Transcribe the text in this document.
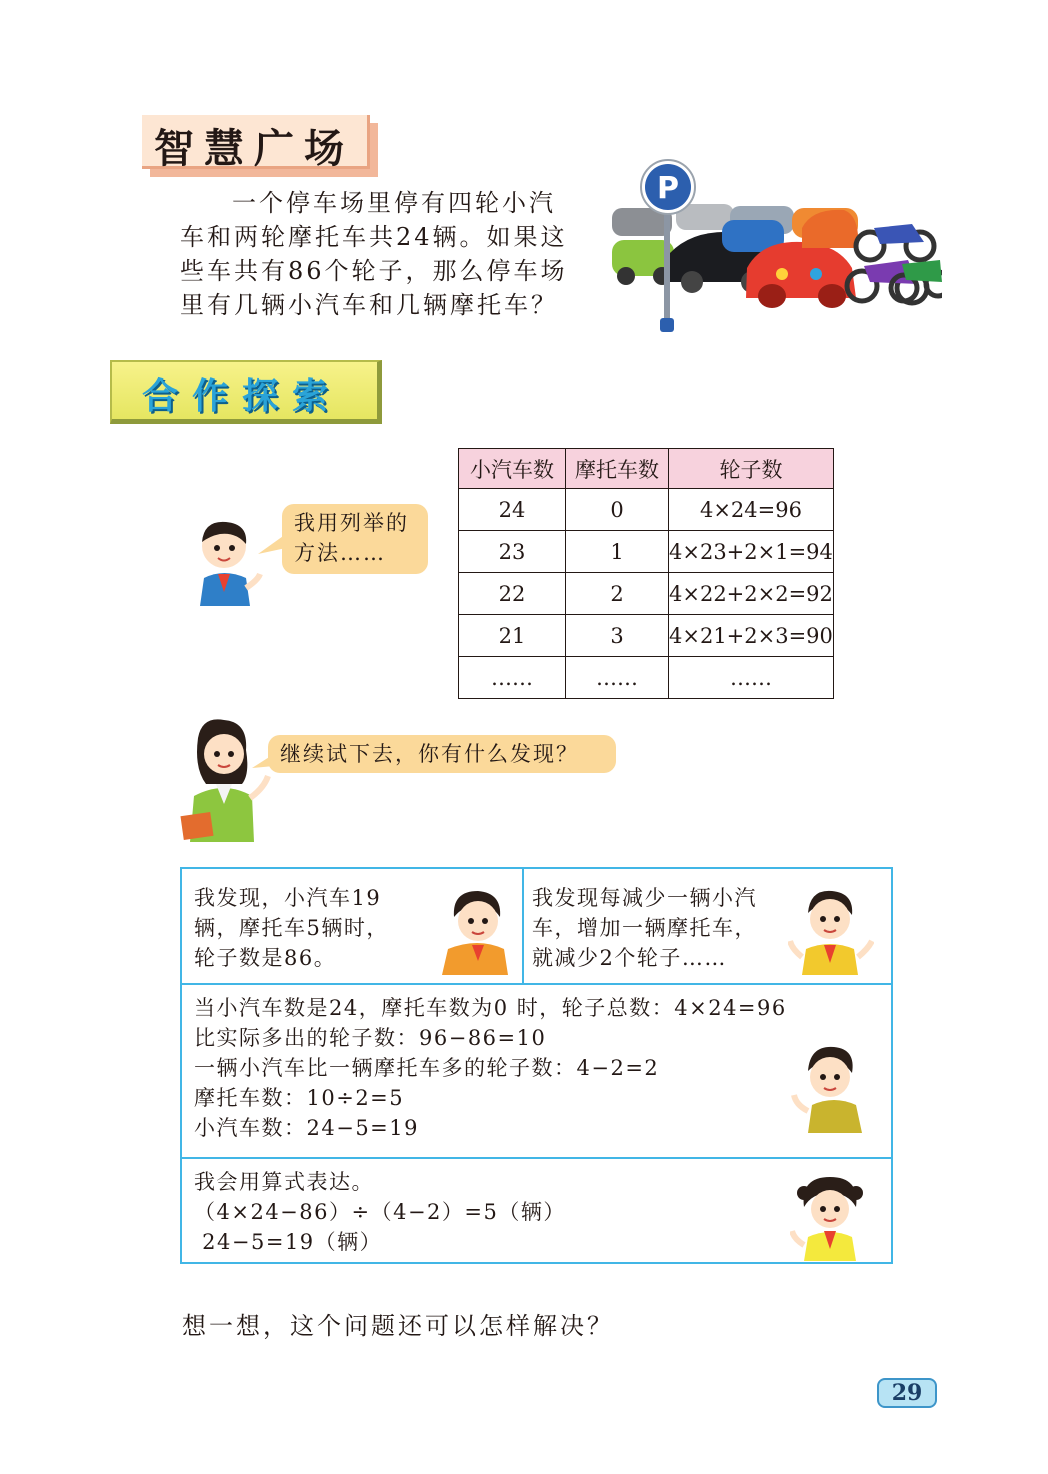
智慧广场
一个停车场里停有四轮小汽
车和两轮摩托车共24辆。如果这
些车共有86个轮子，那么停车场
里有几辆小汽车和几辆摩托车？
P
合作探索
我用列举的
方法……
小汽车数	摩托车数	轮子数
24	0	4×24=96
23	1	4×23+2×1=94
22	2	4×22+2×2=92
21	3	4×21+2×3=90
……	……	……
继续试下去，你有什么发现？
我发现，小汽车19
辆，摩托车5辆时，
轮子数是86。
我发现每减少一辆小汽
车，增加一辆摩托车，
就减少2个轮子……
当小汽车数是24，摩托车数为0 时，轮子总数：4×24=96
比实际多出的轮子数：96−86=10
一辆小汽车比一辆摩托车多的轮子数：4−2=2
摩托车数：10÷2=5
小汽车数：24−5=19
我会用算式表达。
（4×24−86）÷（4−2）=5（辆）
24−5=19（辆）
想一想，这个问题还可以怎样解决？
29
